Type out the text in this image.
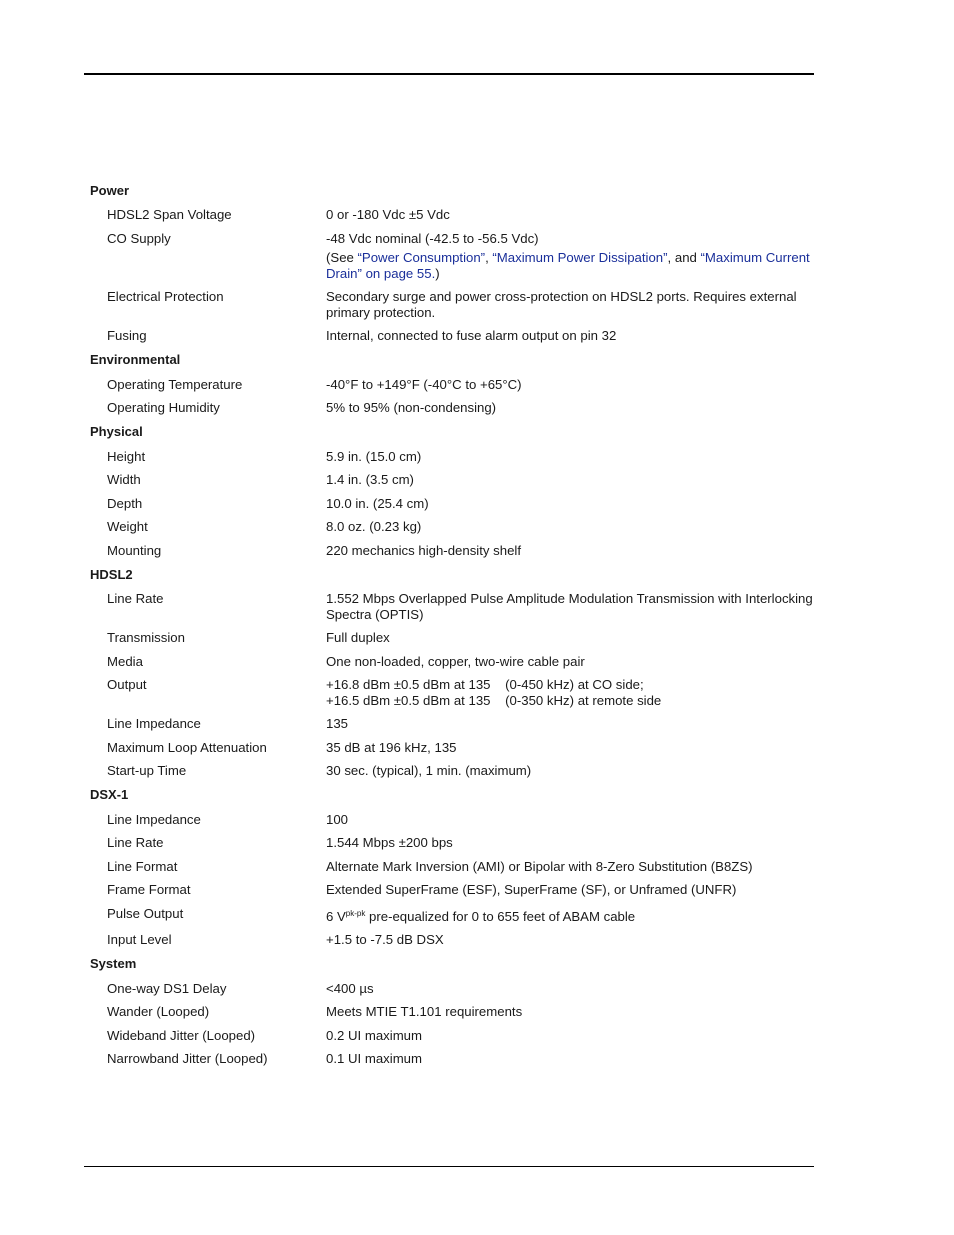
Power
HDSL2 Span Voltage	0 or -180 Vdc ±5 Vdc
CO Supply	-48 Vdc nominal (-42.5 to -56.5 Vdc)
(See “Power Consumption”, “Maximum Power Dissipation”, and “Maximum Current Drain” on page 55.)
Electrical Protection	Secondary surge and power cross-protection on HDSL2 ports. Requires external primary protection.
Fusing	Internal, connected to fuse alarm output on pin 32
Environmental
Operating Temperature	-40°F to +149°F (-40°C to +65°C)
Operating Humidity	5% to 95% (non-condensing)
Physical
Height	5.9 in. (15.0 cm)
Width	1.4 in. (3.5 cm)
Depth	10.0 in. (25.4 cm)
Weight	8.0 oz. (0.23 kg)
Mounting	220 mechanics high-density shelf
HDSL2
Line Rate	1.552 Mbps Overlapped Pulse Amplitude Modulation Transmission with Interlocking Spectra (OPTIS)
Transmission	Full duplex
Media	One non-loaded, copper, two-wire cable pair
Output	+16.8 dBm ±0.5 dBm at 135    (0-450 kHz) at CO side;
+16.5 dBm ±0.5 dBm at 135    (0-350 kHz) at remote side
Line Impedance	135
Maximum Loop Attenuation	35 dB at 196 kHz, 135
Start-up Time	30 sec. (typical), 1 min. (maximum)
DSX-1
Line Impedance	100
Line Rate	1.544 Mbps ±200 bps
Line Format	Alternate Mark Inversion (AMI) or Bipolar with 8-Zero Substitution (B8ZS)
Frame Format	Extended SuperFrame (ESF), SuperFrame (SF), or Unframed (UNFR)
Pulse Output	6 $V^{pk-pk}$ pre-equalized for 0 to 655 feet of ABAM cable
Input Level	+1.5 to -7.5 dB DSX
System
One-way DS1 Delay	<400 µs
Wander (Looped)	Meets MTIE T1.101 requirements
Wideband Jitter (Looped)	0.2 UI maximum
Narrowband Jitter (Looped)	0.1 UI maximum
